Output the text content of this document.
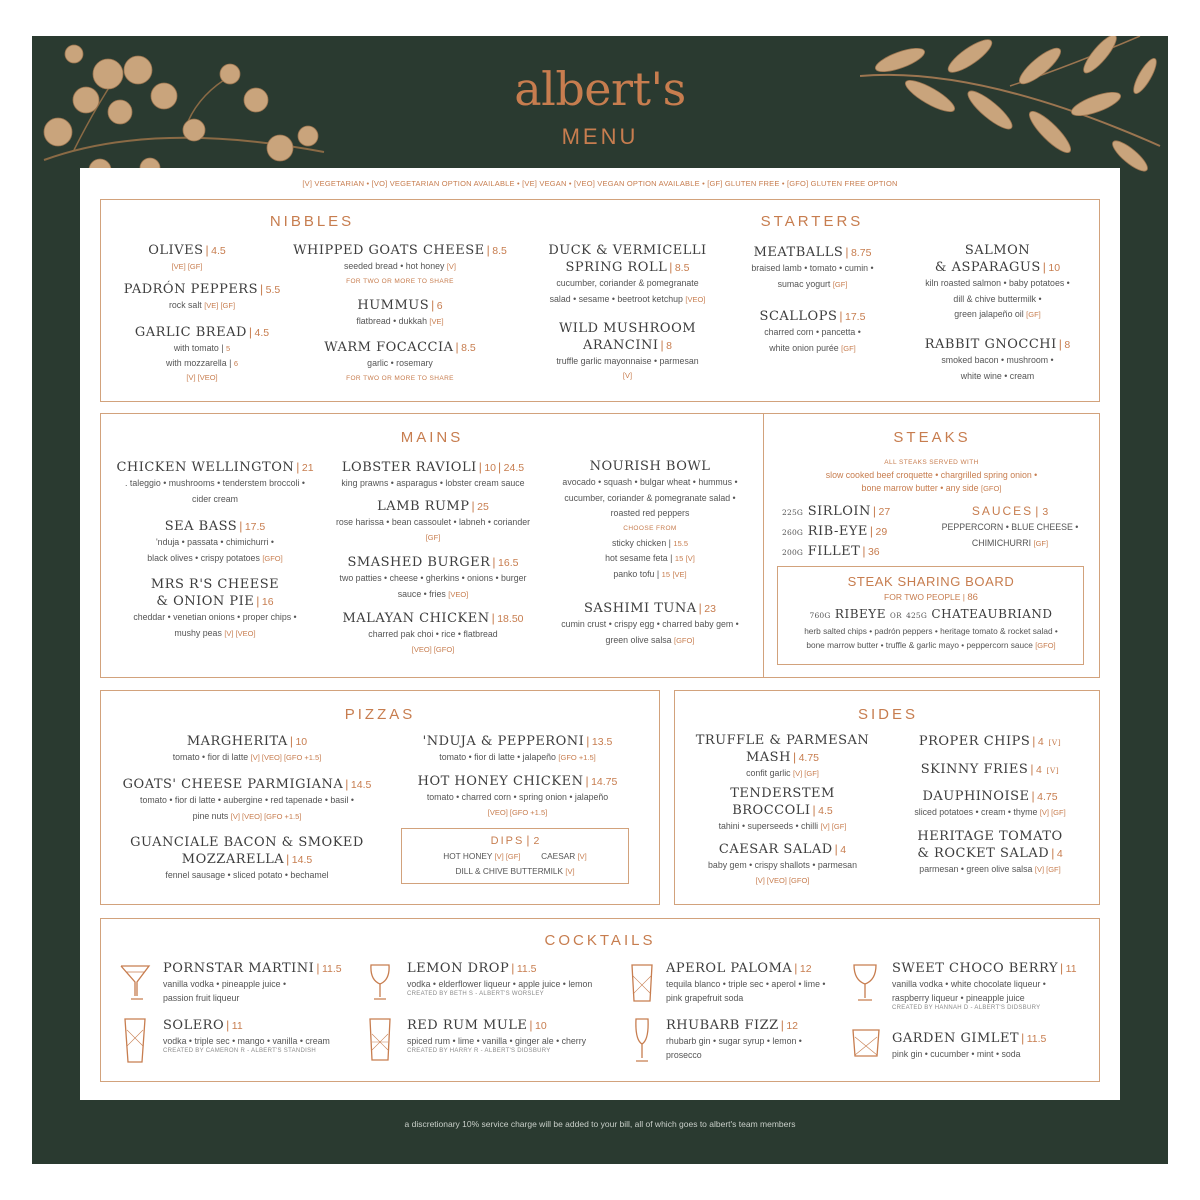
albert's
MENU
[V] VEGETARIAN • [VO] VEGETARIAN OPTION AVAILABLE • [VE] VEGAN • [VEO] VEGAN OPTION AVAILABLE • [GF] GLUTEN FREE • [GFO] GLUTEN FREE OPTION
NIBBLES	STARTERS
OLIVES | 4.5
[VE] [GF]
PADRÓN PEPPERS | 5.5
rock salt [VE] [GF]
GARLIC BREAD | 4.5
with tomato | 5
with mozzarella | 6
[V] [VEO]
WHIPPED GOATS CHEESE | 8.5
seeded bread • hot honey [V]
FOR TWO OR MORE TO SHARE
HUMMUS | 6
flatbread • dukkah [VE]
WARM FOCACCIA | 8.5
garlic • rosemary
FOR TWO OR MORE TO SHARE
DUCK & VERMICELLI
SPRING ROLL | 8.5
cucumber, coriander & pomegranate
salad • sesame • beetroot ketchup [VEO]
WILD MUSHROOM
ARANCINI | 8
truffle garlic mayonnaise • parmesan
[V]
MEATBALLS | 8.75
braised lamb • tomato • cumin •
sumac yogurt [GF]
SCALLOPS | 17.5
charred corn • pancetta •
white onion purée [GF]
SALMON
& ASPARAGUS | 10
kiln roasted salmon • baby potatoes •
dill & chive buttermilk •
green jalapeño oil [GF]
RABBIT GNOCCHI | 8
smoked bacon • mushroom •
white wine • cream
MAINS
CHICKEN WELLINGTON | 21
. taleggio • mushrooms • tenderstem broccoli •
cider cream
SEA BASS | 17.5
'nduja • passata • chimichurri •
black olives • crispy potatoes [GFO]
MRS R'S CHEESE
& ONION PIE | 16
cheddar • venetian onions • proper chips •
mushy peas [V] [VEO]
LOBSTER RAVIOLI | 10 | 24.5
king prawns • asparagus • lobster cream sauce
LAMB RUMP | 25
rose harissa • bean cassoulet • labneh • coriander
[GF]
SMASHED BURGER | 16.5
two patties • cheese • gherkins • onions • burger
sauce • fries [VEO]
MALAYAN CHICKEN | 18.50
charred pak choi • rice • flatbread
[VEO] [GFO]
NOURISH BOWL
avocado • squash • bulgar wheat • hummus •
cucumber, coriander & pomegranate salad •
roasted red peppers
CHOOSE FROM
sticky chicken | 15.5
hot sesame feta | 15 [V]
panko tofu | 15 [VE]
SASHIMI TUNA | 23
cumin crust • crispy egg • charred baby gem •
green olive salsa [GFO]
STEAKS
ALL STEAKS SERVED WITH
slow cooked beef croquette • chargrilled spring onion •
bone marrow butter • any side [GFO]
225G SIRLOIN | 27
260G RIB-EYE | 29
200G FILLET | 36
SAUCES | 3
PEPPERCORN • BLUE CHEESE •
CHIMICHURRI [GF]
STEAK SHARING BOARD
FOR TWO PEOPLE | 86
760G RIBEYE OR 425G CHATEAUBRIAND
herb salted chips • padrón peppers • heritage tomato & rocket salad •
bone marrow butter • truffle & garlic mayo • peppercorn sauce [GFO]
PIZZAS
MARGHERITA | 10
tomato • fior di latte [V] [VEO] [GFO +1.5]
GOATS' CHEESE PARMIGIANA | 14.5
tomato • fior di latte • aubergine • red tapenade • basil •
pine nuts [V] [VEO] [GFO +1.5]
GUANCIALE BACON & SMOKED
MOZZARELLA | 14.5
fennel sausage • sliced potato • bechamel
'NDUJA & PEPPERONI | 13.5
tomato • fior di latte • jalapeño [GFO +1.5]
HOT HONEY CHICKEN | 14.75
tomato • charred corn • spring onion • jalapeño
[VEO] [GFO +1.5]
DIPS | 2
HOT HONEY [V] [GF]	CAESAR [V]
DILL & CHIVE BUTTERMILK [V]
SIDES
TRUFFLE & PARMESAN
MASH | 4.75
confit garlic [V] [GF]
TENDERSTEM
BROCCOLI | 4.5
tahini • superseeds • chilli [V] [GF]
CAESAR SALAD | 4
baby gem • crispy shallots • parmesan
[V] [VEO] [GFO]
PROPER CHIPS | 4 [V]
SKINNY FRIES | 4 [V]
DAUPHINOISE | 4.75
sliced potatoes • cream • thyme [V] [GF]
HERITAGE TOMATO
& ROCKET SALAD | 4
parmesan • green olive salsa [V] [GF]
COCKTAILS
PORNSTAR MARTINI | 11.5
vanilla vodka • pineapple juice •
passion fruit liqueur
SOLERO | 11
vodka • triple sec • mango • vanilla • cream
CREATED BY CAMERON R - ALBERT'S STANDISH
LEMON DROP | 11.5
vodka • elderflower liqueur • apple juice • lemon
CREATED BY BETH S - ALBERT'S WORSLEY
RED RUM MULE | 10
spiced rum • lime • vanilla • ginger ale • cherry
CREATED BY HARRY R - ALBERT'S DIDSBURY
APEROL PALOMA | 12
tequila blanco • triple sec • aperol • lime •
pink grapefruit soda
RHUBARB FIZZ | 12
rhubarb gin • sugar syrup • lemon •
prosecco
SWEET CHOCO BERRY | 11
vanilla vodka • white chocolate liqueur •
raspberry liqueur • pineapple juice
CREATED BY HANNAH D - ALBERT'S DIDSBURY
GARDEN GIMLET | 11.5
pink gin • cucumber • mint • soda
a discretionary 10% service charge will be added to your bill, all of which goes to albert's team members
